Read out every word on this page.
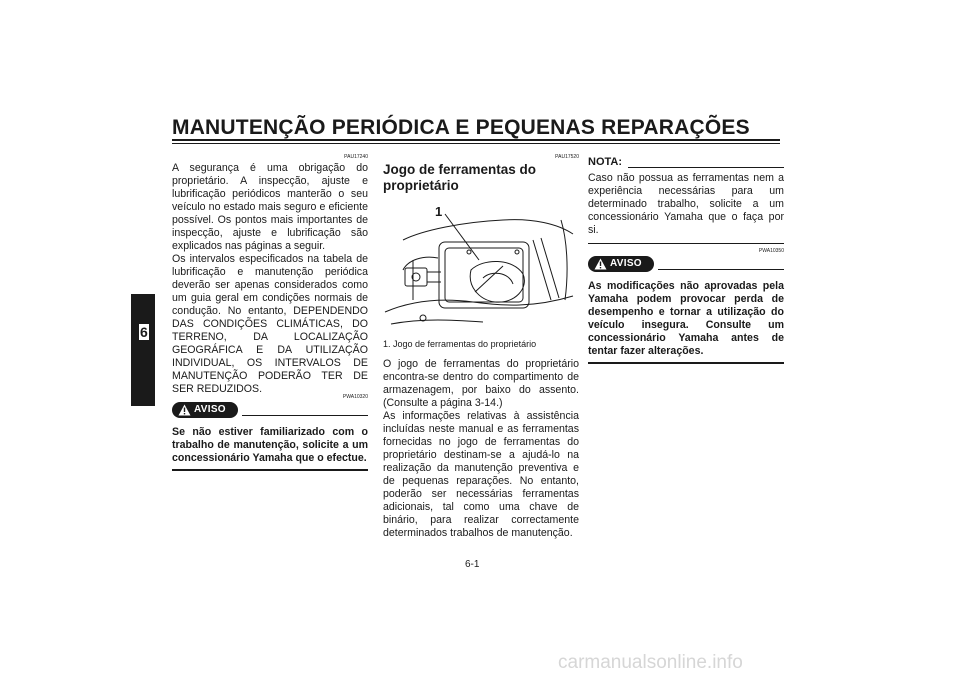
MANUTENÇÃO PERIÓDICA E PEQUENAS REPARAÇÕES
6
PAU17240

A segurança é uma obrigação do proprietário. A inspecção, ajuste e lubrificação periódicos manterão o seu veículo no estado mais seguro e eficiente possível. Os pontos mais importantes de inspecção, ajuste e lubrificação são explicados nas páginas a seguir.

Os intervalos especificados na tabela de lubrificação e manutenção periódica deverão ser apenas considerados como um guia geral em condições normais de condução. No entanto, DEPENDENDO DAS CONDIÇÕES CLIMÁTICAS, DO TERRENO, DA LOCALIZAÇÃO GEOGRÁFICA E DA UTILIZAÇÃO INDIVIDUAL, OS INTERVALOS DE MANUTENÇÃO PODERÃO TER DE SER REDUZIDOS.

PWA10320
AVISO
Se não estiver familiarizado com o trabalho de manutenção, solicite a um concessionário Yamaha que o efectue.
PAU17520
Jogo de ferramentas do proprietário
1
1. Jogo de ferramentas do proprietário

O jogo de ferramentas do proprietário encontra-se dentro do compartimento de armazenagem, por baixo do assento. (Consulte a página 3-14.)

As informações relativas à assistência incluídas neste manual e as ferramentas fornecidas no jogo de ferramentas do proprietário destinam-se a ajudá-lo na realização da manutenção preventiva e de pequenas reparações. No entanto, poderão ser necessárias ferramentas adicionais, tal como uma chave de binário, para realizar correctamente determinados trabalhos de manutenção.

NOTA:
Caso não possua as ferramentas nem a experiência necessárias para um determinado trabalho, solicite a um concessionário Yamaha que o faça por si.
PWA10350
AVISO
As modificações não aprovadas pela Yamaha podem provocar perda de desempenho e tornar a utilização do veículo insegura. Consulte um concessionário Yamaha antes de tentar fazer alterações.
6-1
carmanualsonline.info
